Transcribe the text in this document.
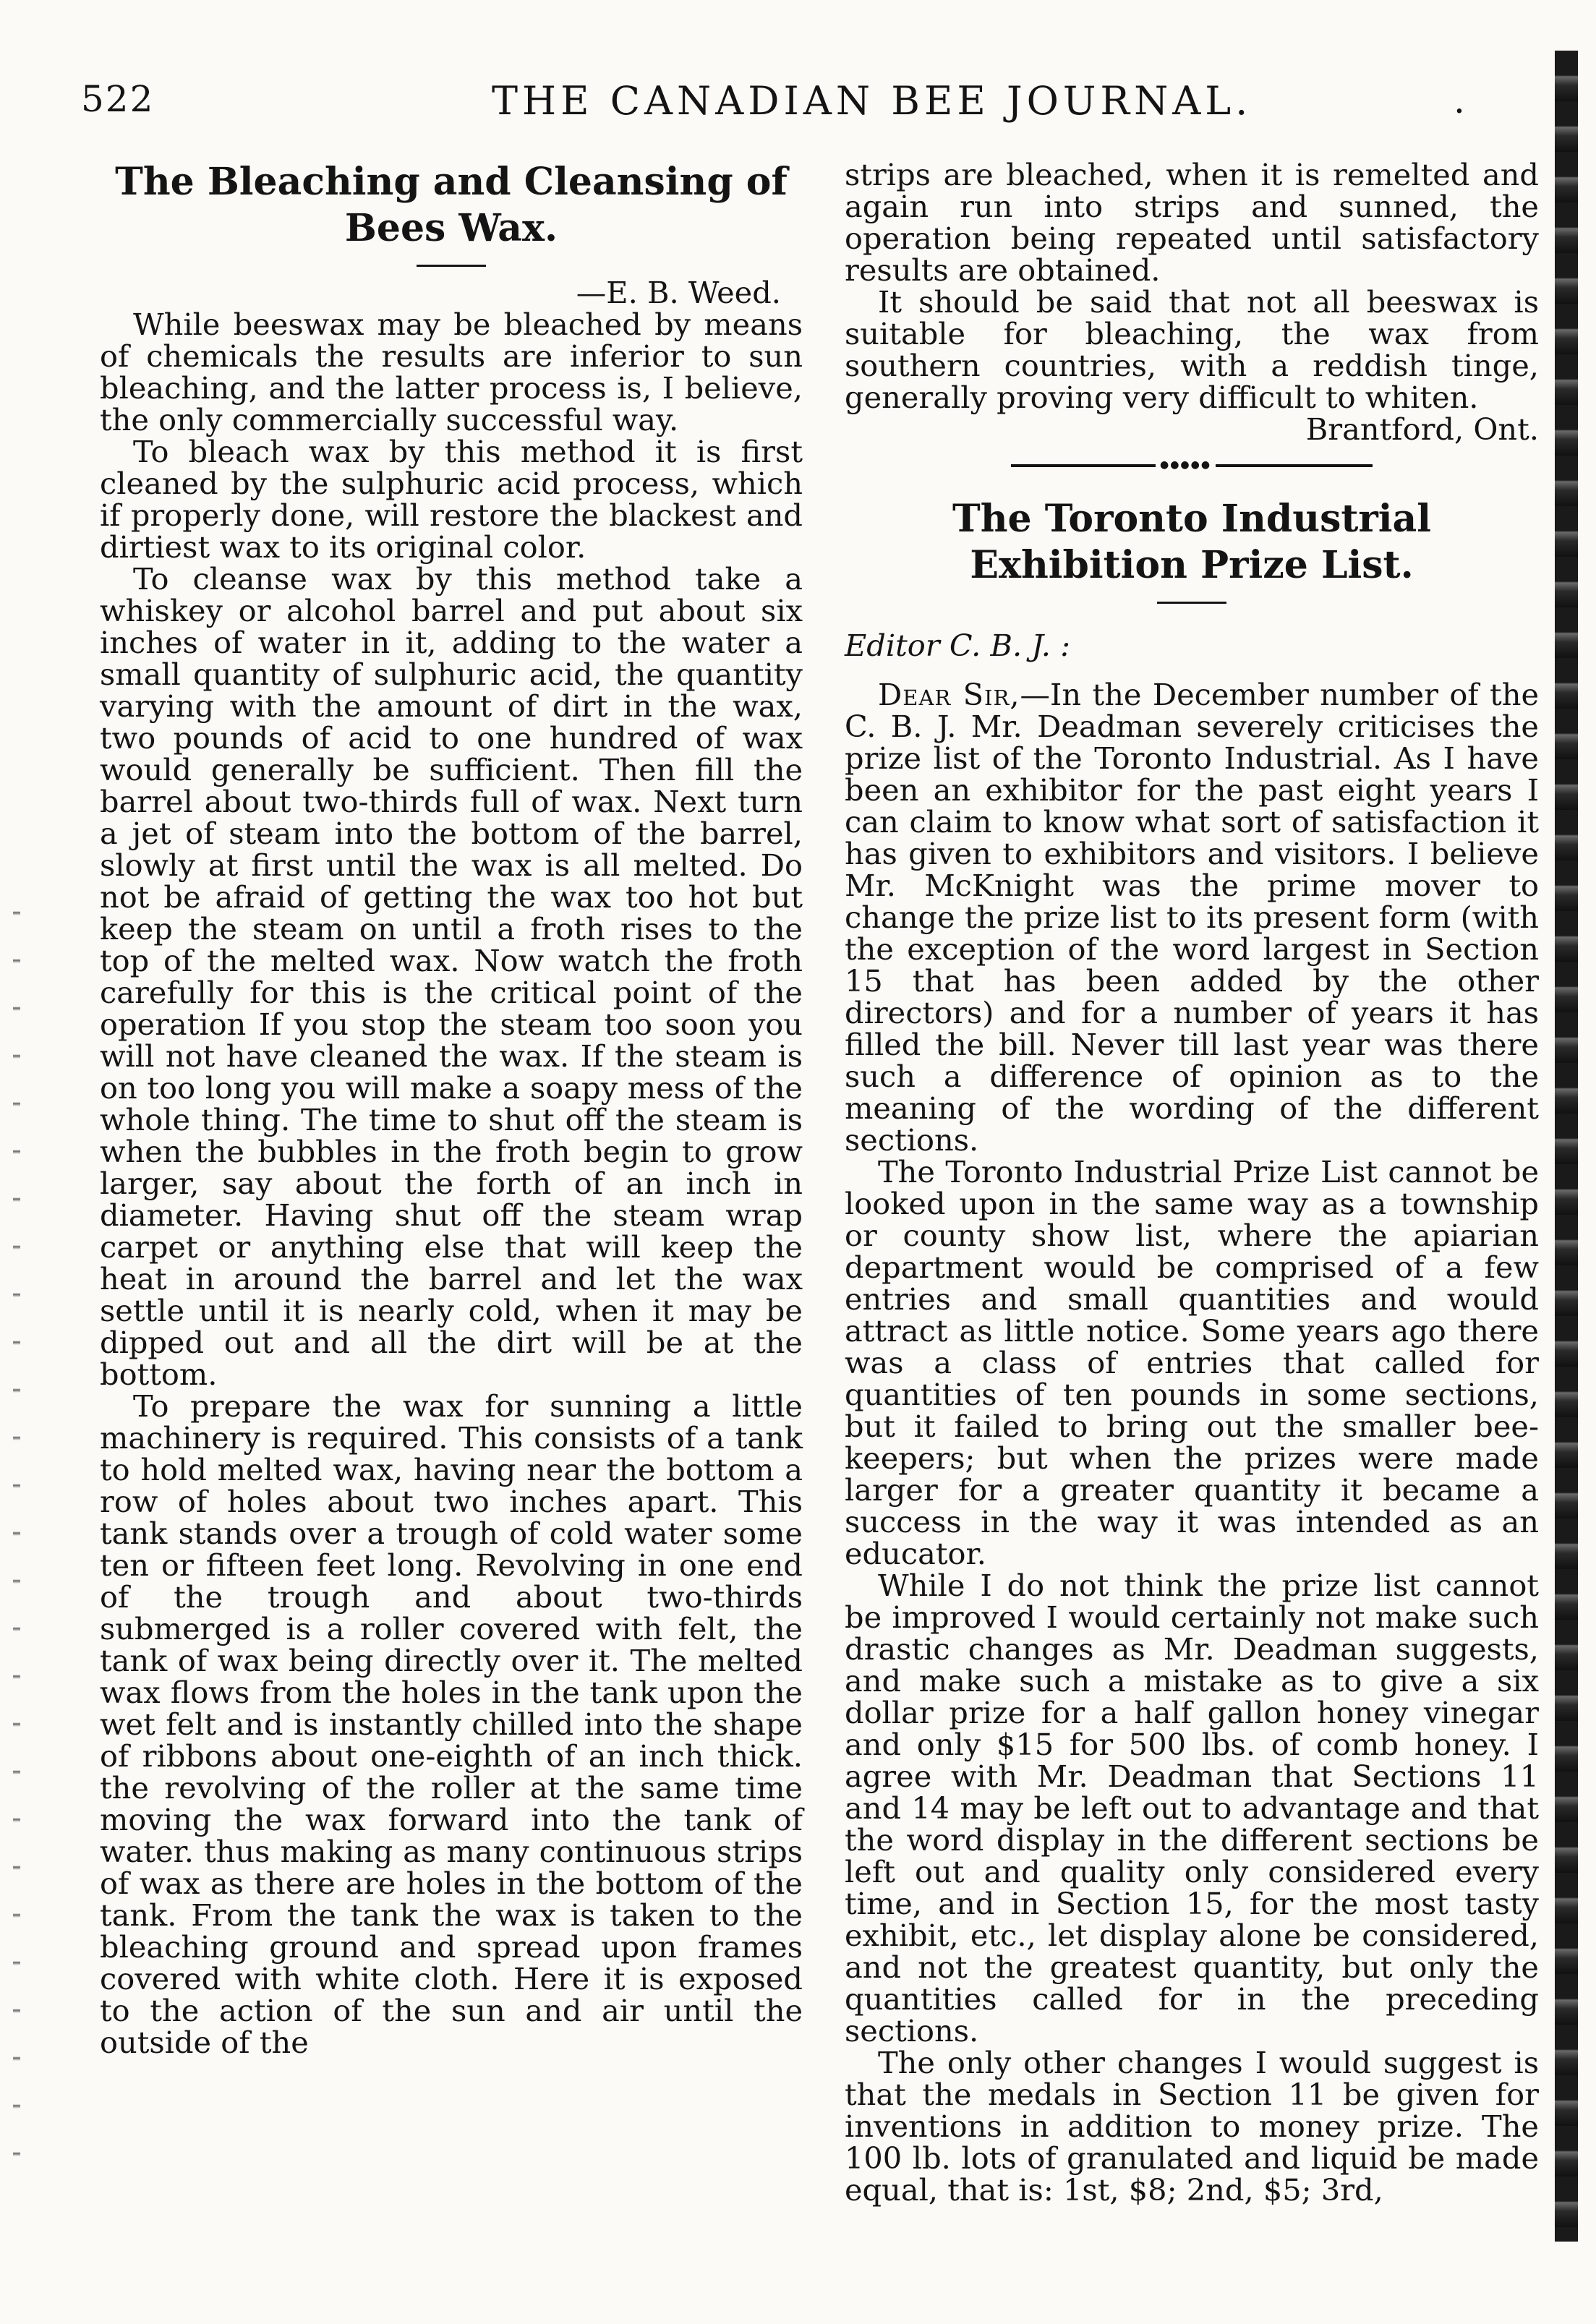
522	THE CANADIAN BEE JOURNAL.	.
The Bleaching and Cleansing of Bees Wax.

—E. B. Weed.

While beeswax may be bleached by means of chemicals the results are inferior to sun bleaching, and the latter process is, I believe, the only commercially successful way.

To bleach wax by this method it is first cleaned by the sulphuric acid process, which if properly done, will restore the blackest and dirtiest wax to its original color.

To cleanse wax by this method take a whiskey or alcohol barrel and put about six inches of water in it, adding to the water a small quantity of sulphuric acid, the quantity varying with the amount of dirt in the wax, two pounds of acid to one hundred of wax would generally be sufficient. Then fill the barrel about two-thirds full of wax. Next turn a jet of steam into the bottom of the barrel, slowly at first until the wax is all melted. Do not be afraid of getting the wax too hot but keep the steam on until a froth rises to the top of the melted wax. Now watch the froth carefully for this is the critical point of the operation If you stop the steam too soon you will not have cleaned the wax. If the steam is on too long you will make a soapy mess of the whole thing. The time to shut off the steam is when the bubbles in the froth begin to grow larger, say about the forth of an inch in diameter. Having shut off the steam wrap carpet or anything else that will keep the heat in around the barrel and let the wax settle until it is nearly cold, when it may be dipped out and all the dirt will be at the bottom.

To prepare the wax for sunning a little machinery is required. This consists of a tank to hold melted wax, having near the bottom a row of holes about two inches apart. This tank stands over a trough of cold water some ten or fifteen feet long. Revolving in one end of the trough and about two-thirds submerged is a roller covered with felt, the tank of wax being directly over it. The melted wax flows from the holes in the tank upon the wet felt and is instantly chilled into the shape of ribbons about one-eighth of an inch thick. the revolving of the roller at the same time moving the wax forward into the tank of water. thus making as many continuous strips of wax as there are holes in the bottom of the tank. From the tank the wax is taken to the bleaching ground and spread upon frames covered with white cloth. Here it is exposed to the action of the sun and air until the outside of the

strips are bleached, when it is remelted and again run into strips and sunned, the operation being repeated until satisfactory results are obtained.

It should be said that not all beeswax is suitable for bleaching, the wax from southern countries, with a reddish tinge, generally proving very difficult to whiten.

Brantford, Ont.

●●●●●
The Toronto Industrial Exhibition Prize List.

Editor C. B. J. :

Dear Sir,—In the December number of the C. B. J. Mr. Deadman severely criticises the prize list of the Toronto Industrial. As I have been an exhibitor for the past eight years I can claim to know what sort of satisfaction it has given to exhibitors and visitors. I believe Mr. McKnight was the prime mover to change the prize list to its present form (with the exception of the word largest in Section 15 that has been added by the other directors) and for a number of years it has filled the bill. Never till last year was there such a difference of opinion as to the meaning of the wording of the different sections.

The Toronto Industrial Prize List cannot be looked upon in the same way as a township or county show list, where the apiarian department would be comprised of a few entries and small quantities and would attract as little notice. Some years ago there was a class of entries that called for quantities of ten pounds in some sections, but it failed to bring out the smaller bee-keepers; but when the prizes were made larger for a greater quantity it became a success in the way it was intended as an educator.

While I do not think the prize list cannot be improved I would certainly not make such drastic changes as Mr. Deadman suggests, and make such a mistake as to give a six dollar prize for a half gallon honey vinegar and only $15 for 500 lbs. of comb honey. I agree with Mr. Deadman that Sections 11 and 14 may be left out to advantage and that the word display in the different sections be left out and quality only considered every time, and in Section 15, for the most tasty exhibit, etc., let display alone be considered, and not the greatest quantity, but only the quantities called for in the preceding sections.

The only other changes I would suggest is that the medals in Section 11 be given for inventions in addition to money prize. The 100 lb. lots of granulated and liquid be made equal, that is: 1st, $8; 2nd, $5; 3rd,
